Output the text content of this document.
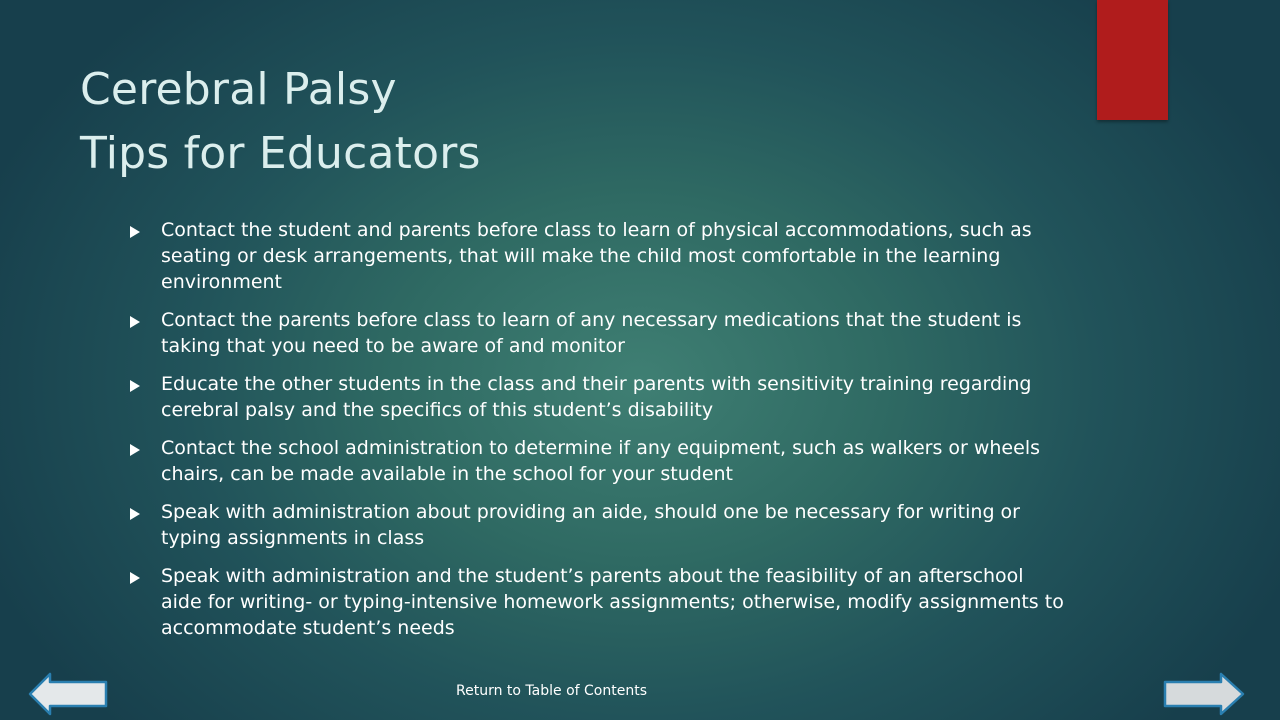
Cerebral Palsy
Tips for Educators
Contact the student and parents before class to learn of physical accommodations, such as seating or desk arrangements, that will make the child most comfortable in the learning environment
Contact the parents before class to learn of any necessary medications that the student is taking that you need to be aware of and monitor
Educate the other students in the class and their parents with sensitivity training regarding cerebral palsy and the specifics of this student’s disability
Contact the school administration to determine if any equipment, such as walkers or wheels chairs, can be made available in the school for your student
Speak with administration about providing an aide, should one be necessary for writing or typing assignments in class
Speak with administration and the student’s parents about the feasibility of an afterschool aide for writing- or typing-intensive homework assignments; otherwise, modify assignments to accommodate student’s needs
Return to Table of Contents
